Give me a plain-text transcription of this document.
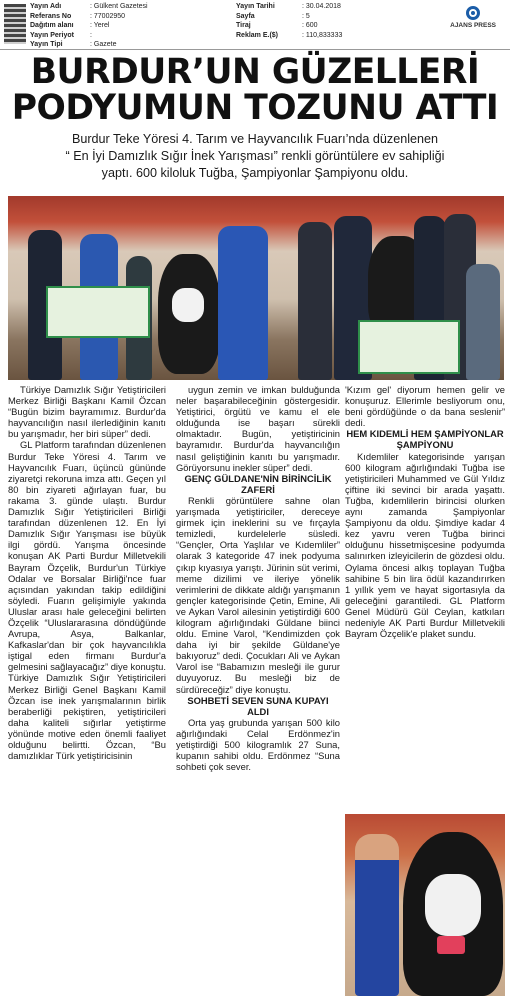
Yayın Adı	: Gülkent Gazetesi
Referans No	: 77002950
Dağıtım alanı	: Yerel
Yayın Periyot	:
Yayın Tipi	: Gazete
Yayın Tarihi	: 30.04.2018
Sayfa	: 5
Tiraj	: 600
Reklam E.($)	: 110,833333
AJANS PRESS
BURDUR’UN GÜZELLERİ
PODYUMUN TOZUNU ATTI
Burdur Teke Yöresi 4. Tarım ve Hayvancılık Fuarı’nda düzenlenen
“ En İyi Damızlık Sığır İnek Yarışması” renkli görüntülere ev sahipliği
yaptı. 600 kiloluk Tuğba, Şampiyonlar Şampiyonu oldu.

Türkiye Damızlık Sığır Yetiştiricileri Merkez Birliği Başkanı Kamil Özcan “Bugün bizim bayramımız. Burdur'da hayvancılığın nasıl ilerlediğinin kanıtı bu yarışmadır, her biri süper” dedi.

GL Platform tarafından düzenlenen Burdur Teke Yöresi 4. Tarım ve Hayvancılık Fuarı, üçüncü gününde ziyaretçi rekoruna imza attı. Geçen yıl 80 bin ziyareti ağırlayan fuar, bu rakama 3. günde ulaştı. Burdur Damızlık Sığır Yetiştiricileri Birliği tarafından düzenlenen 12. En İyi Damızlık Sığır Yarışması ise büyük ilgi gördü. Yarışma öncesinde konuşan AK Parti Burdur Milletvekili Bayram Özçelik, Burdur'un Türkiye Odalar ve Borsalar Birliği'nce fuar açısından yakından takip edildiğini söyledi. Fuarın gelişimiyle yakında Uluslar arası hale geleceğini belirten Özçelik “Uluslararasına döndüğünde Avrupa, Asya, Balkanlar, Kafkaslar'dan bir çok hayvancılıkla iştigal eden firmanı Burdur'a gelmesini sağlayacağız” diye konuştu. Türkiye Damızlık Sığır Yetiştiricileri Merkez Birliği Genel Başkanı Kamil Özcan ise inek yarışmalarının birlik beraberliği pekiştiren, yetiştiricileri daha kaliteli sığırlar yetiştirme yönünde motive eden önemli faaliyet olduğunu belirtti. Özcan, “Bu damızlıklar Türk yetiştiricisinin

uygun zemin ve imkan bulduğunda neler başarabileceğinin göstergesidir. Yetiştirici, örgütü ve kamu el ele olduğunda ise başarı sürekli olmaktadır. Bugün, yetiştiricinin bayramıdır. Burdur'da hayvancılığın nasıl geliştiğinin kanıtı bu yarışmadır. Görüyorsunu inekler süper” dedi.

GENÇ GÜLDANE'NİN BİRİNCİLİK ZAFERİ

Renkli görüntülere sahne olan yarışmada yetiştiriciler, dereceye girmek için ineklerini su ve fırçayla temizledi, kurdelelerle süsledi. “Gençler, Orta Yaşlılar ve Kıdemliler” olarak 3 kategoride 47 inek podyuma çıkıp kıyasıya yarıştı. Jürinin süt verimi, meme dizilimi ve ileriye yönelik verimlerini de dikkate aldığı yarışmanın gençler kategorisinde Çetin, Emine, Ali ve Aykan Varol ailesinin yetiştirdiği 600 kilogram ağırlığındaki Güldane biinci oldu. Emine Varol, “Kendimizden çok daha iyi bir şekilde Güldane'ye bakıyoruz” dedi. Çocukları Ali ve Aykan Varol ise “Babamızın mesleği ile gurur duyuyoruz. Bu mesleği biz de sürdüreceğiz” diye konuştu.

SOHBETİ SEVEN SUNA KUPAYI ALDI

Orta yaş grubunda yarışan 500 kilo ağırlığındaki Celal Erdönmez'in yetiştirdiği 500 kilogramlık 27 Suna, kupanın sahibi oldu. Erdönmez “Suna sohbeti çok sever.

'Kızım gel' diyorum hemen gelir ve konuşuruz. Ellerimle besliyorum onu, beni gördüğünde o da bana seslenir” dedi.

HEM KIDEMLİ HEM ŞAMPİYONLAR ŞAMPİYONU

Kıdemliler kategorisinde yarışan 600 kilogram ağırlığındaki Tuğba ise yetiştiricileri Muhammed ve Gül Yıldız çiftine iki sevinci bir arada yaşattı. Tuğba, kıdemlilerin birincisi olurken aynı zamanda Şampiyonlar Şampiyonu da oldu. Şimdiye kadar 4 kez yavru veren Tuğba birinci olduğunu hissetmişcesine podyumda salınırken izleyicilerin de gözdesi oldu. Oylama öncesi alkış toplayan Tuğba sahibine 5 bin lira ödül kazandırırken 1 yıllık yem ve hayat sigortasıyla da geleceğini garantiledi. GL Platform Genel Müdürü Gül Ceylan, katkıları nedeniyle AK Parti Burdur Milletvekili Bayram Özçelik'e plaket sundu.
